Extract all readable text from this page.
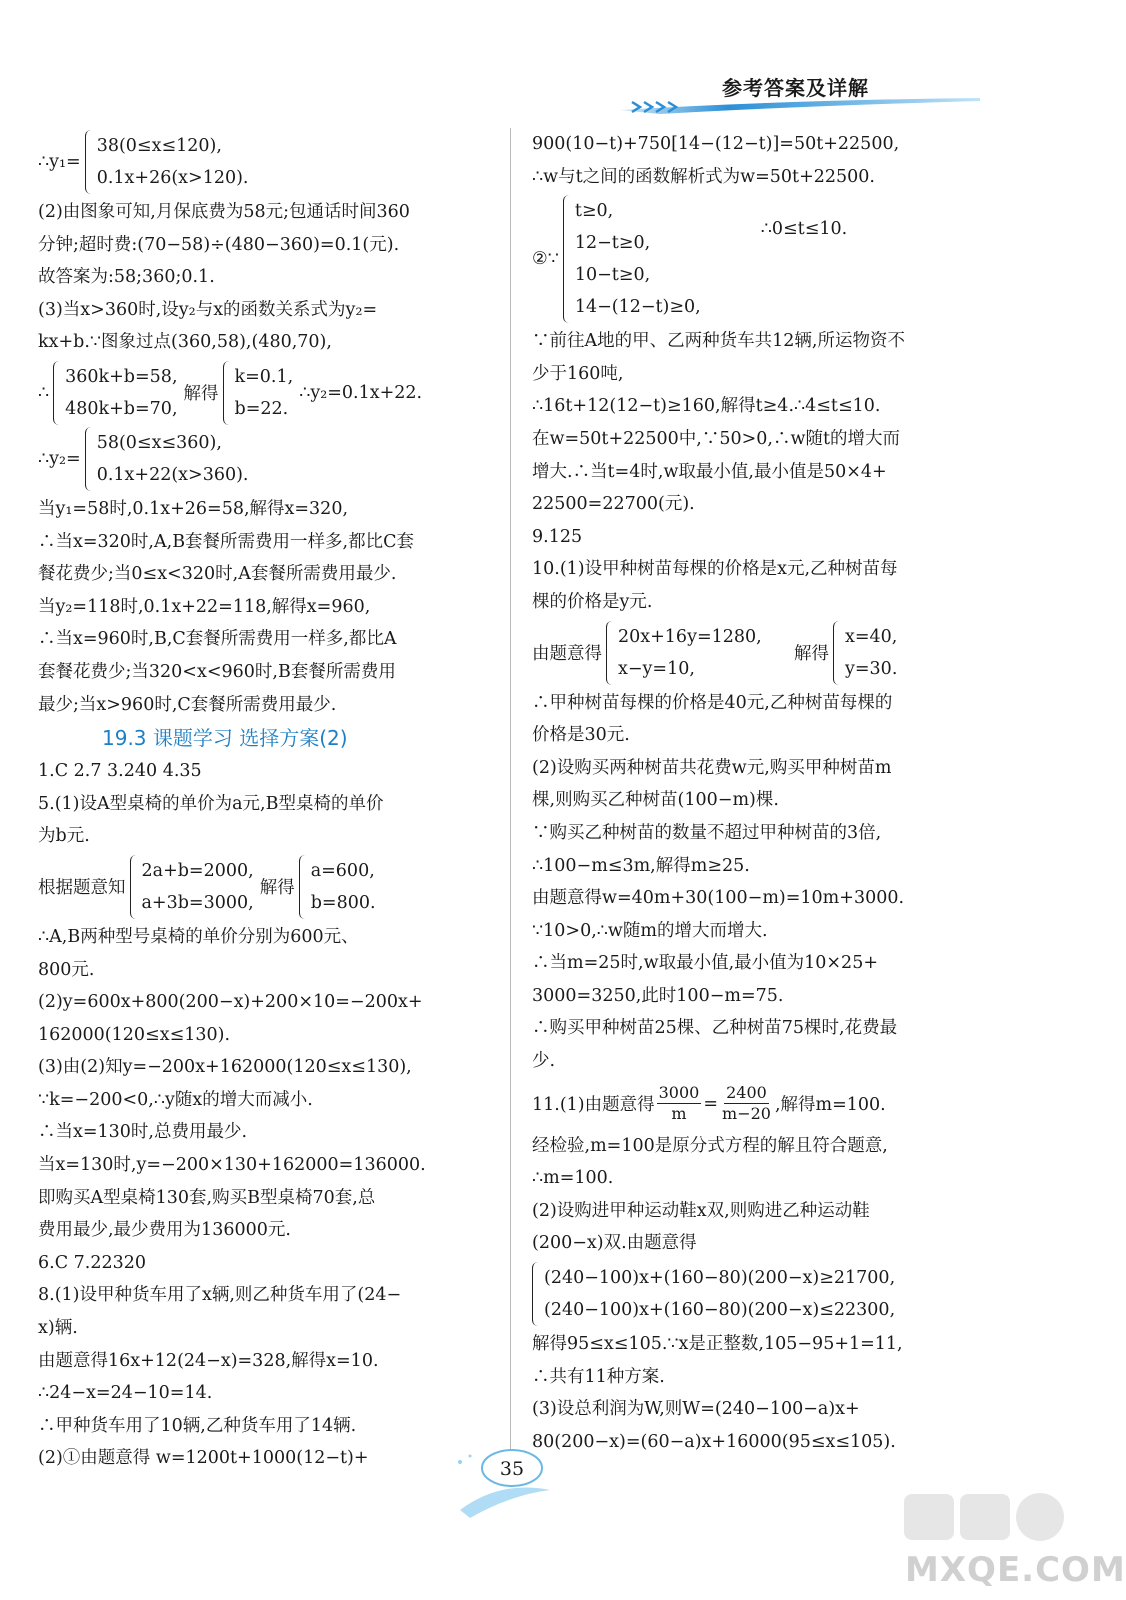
参考答案及详解
∴y₁=
38(0≤x≤120),
0.1x+26(x>120).
(2)由图象可知,月保底费为58元;包通话时间360
分钟;超时费:(70−58)÷(480−360)=0.1(元).
故答案为:58;360;0.1.
(3)当x>360时,设y₂与x的函数关系式为y₂=
kx+b.∵图象过点(360,58),(480,70),
∴
360k+b=58,
480k+b=70,
解得
k=0.1,
b=22.
∴y₂=0.1x+22.
∴y₂=
58(0≤x≤360),
0.1x+22(x>360).
当y₁=58时,0.1x+26=58,解得x=320,
∴当x=320时,A,B套餐所需费用一样多,都比C套
餐花费少;当0≤x<320时,A套餐所需费用最少.
当y₂=118时,0.1x+22=118,解得x=960,
∴当x=960时,B,C套餐所需费用一样多,都比A
套餐花费少;当320<x<960时,B套餐所需费用
最少;当x>960时,C套餐所需费用最少.
19.3 课题学习 选择方案(2)
1.C 2.7 3.240 4.35
5.(1)设A型桌椅的单价为a元,B型桌椅的单价
为b元.
根据题意知
2a+b=2000,
a+3b=3000,
解得
a=600,
b=800.
∴A,B两种型号桌椅的单价分别为600元、
800元.
(2)y=600x+800(200−x)+200×10=−200x+
162000(120≤x≤130).
(3)由(2)知y=−200x+162000(120≤x≤130),
∵k=−200<0,∴y随x的增大而减小.
∴当x=130时,总费用最少.
当x=130时,y=−200×130+162000=136000.
即购买A型桌椅130套,购买B型桌椅70套,总
费用最少,最少费用为136000元.
6.C 7.22320
8.(1)设甲种货车用了x辆,则乙种货车用了(24−
x)辆.
由题意得16x+12(24−x)=328,解得x=10.
∴24−x=24−10=14.
∴甲种货车用了10辆,乙种货车用了14辆.
(2)①由题意得 w=1200t+1000(12−t)+
900(10−t)+750[14−(12−t)]=50t+22500,
∴w与t之间的函数解析式为w=50t+22500.
②∵
t≥0,
12−t≥0,
10−t≥0,
14−(12−t)≥0,
∴0≤t≤10.
∵前往A地的甲、乙两种货车共12辆,所运物资不
少于160吨,
∴16t+12(12−t)≥160,解得t≥4.∴4≤t≤10.
在w=50t+22500中,∵50>0,∴w随t的增大而
增大.∴当t=4时,w取最小值,最小值是50×4+
22500=22700(元).
9.125
10.(1)设甲种树苗每棵的价格是x元,乙种树苗每
棵的价格是y元.
由题意得
20x+16y=1280,
x−y=10,
解得
x=40,
y=30.
∴甲种树苗每棵的价格是40元,乙种树苗每棵的
价格是30元.
(2)设购买两种树苗共花费w元,购买甲种树苗m
棵,则购买乙种树苗(100−m)棵.
∵购买乙种树苗的数量不超过甲种树苗的3倍,
∴100−m≤3m,解得m≥25.
由题意得w=40m+30(100−m)=10m+3000.
∵10>0,∴w随m的增大而增大.
∴当m=25时,w取最小值,最小值为10×25+
3000=3250,此时100−m=75.
∴购买甲种树苗25棵、乙种树苗75棵时,花费最
少.
11.(1)由题意得 $\frac{3000}{m} = \frac{2400}{m-20}$ ,解得m=100.
经检验,m=100是原分式方程的解且符合题意,
∴m=100.
(2)设购进甲种运动鞋x双,则购进乙种运动鞋
(200−x)双.由题意得
(240−100)x+(160−80)(200−x)≥21700,
(240−100)x+(160−80)(200−x)≤22300,
解得95≤x≤105.∵x是正整数,105−95+1=11,
∴共有11种方案.
(3)设总利润为W,则W=(240−100−a)x+
80(200−x)=(60−a)x+16000(95≤x≤105).
35
MXQE.COM
